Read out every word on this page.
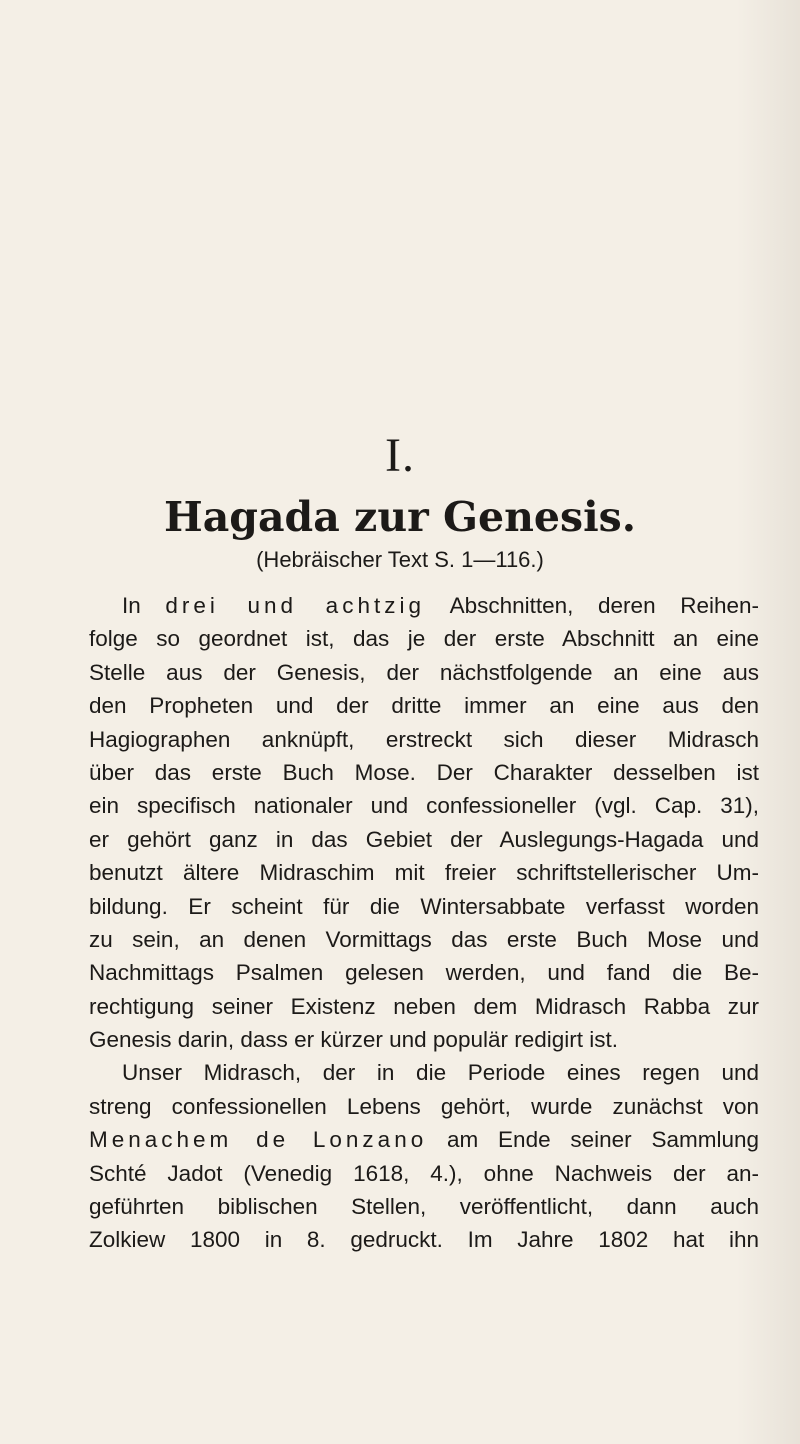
I.
Hagada zur Genesis.
(Hebräischer Text S. 1—116.)
In drei und achtzig Abschnitten, deren Reihen-
folge so geordnet ist, das je der erste Abschnitt an eine
Stelle aus der Genesis, der nächstfolgende an eine aus
den Propheten und der dritte immer an eine aus den
Hagiographen anknüpft, erstreckt sich dieser Midrasch
über das erste Buch Mose. Der Charakter desselben ist
ein specifisch nationaler und confessioneller (vgl. Cap. 31),
er gehört ganz in das Gebiet der Auslegungs-Hagada und
benutzt ältere Midraschim mit freier schriftstellerischer Um-
bildung. Er scheint für die Wintersabbate verfasst worden
zu sein, an denen Vormittags das erste Buch Mose und
Nachmittags Psalmen gelesen werden, und fand die Be-
rechtigung seiner Existenz neben dem Midrasch Rabba zur
Genesis darin, dass er kürzer und populär redigirt ist.
Unser Midrasch, der in die Periode eines regen und
streng confessionellen Lebens gehört, wurde zunächst von
Menachem de Lonzano am Ende seiner Sammlung
Schté Jadot (Venedig 1618, 4.), ohne Nachweis der an-
geführten biblischen Stellen, veröffentlicht, dann auch
Zolkiew 1800 in 8. gedruckt. Im Jahre 1802 hat ihn
